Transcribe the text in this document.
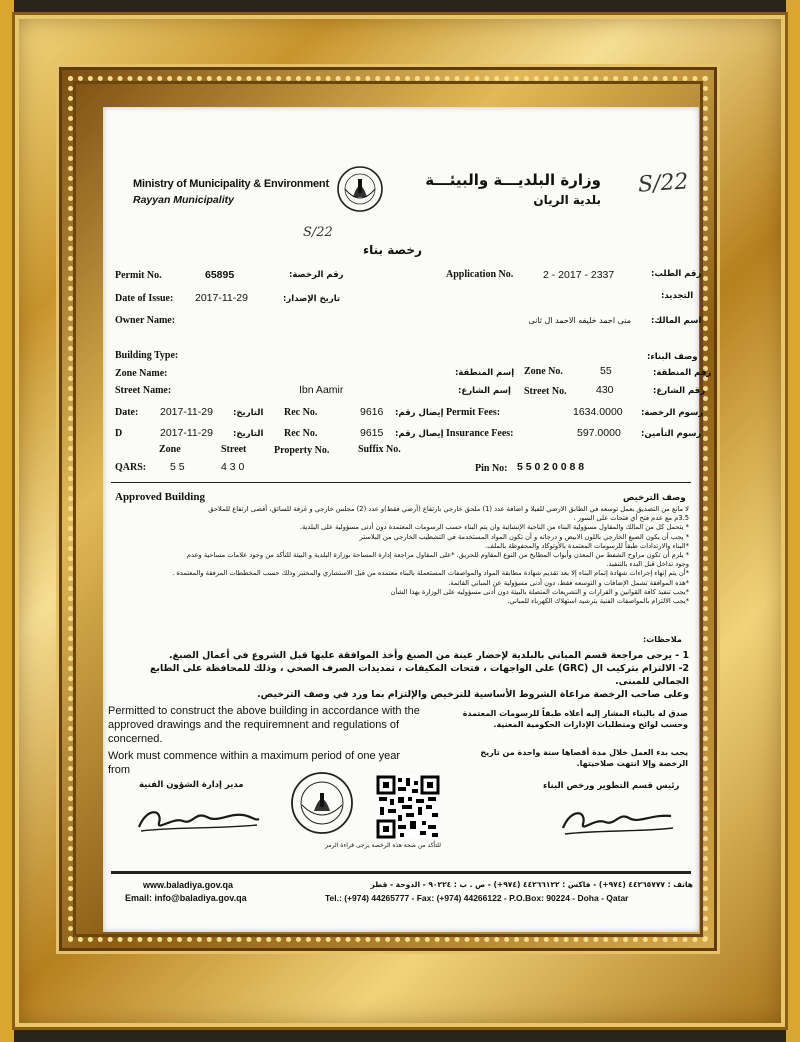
Ministry of Municipality & Environment
Rayyan Municipality
وزارة البلديـــة والبيئـــة
بلدية الريان
S/22
S/22
رخصة بناء
Permit No.	65895	رقم الرخصة:	Application No.	2 - 2017 - 2337	رقم الطلب:
التجديد:
Date of Issue: 2017-11-29	تاريخ الإصدار:
Owner Name:	منى احمد خليفه الاحمد ال ثانى اسم المالك:
Building Type:	وصف البناء:
Zone Name:	إسم المنطقة: Zone No.	55	رقم المنطقة:
Street Name:	Ibn Aamir	إسم الشارع: Street No.	430	رقم الشارع:
Date: 2017-11-29 التاريخ: Rec No.	9616 إيصال رقم: Permit Fees:	1634.0000 رسوم الرخصة:
D	2017-11-29 التاريخ: Rec No.	9615 إيصال رقم: Insurance Fees:	597.0000 رسوم التأمين:
Zone	Street	Property No.	Suffix No.
QARS: 5 5	4 3 0	Pin No: 5 5 0 2 0 0 8 8
Approved Building	وصف الترخيص
لا مانع من التصديق بعمل توسعه في الطابق الارضي للفيلا و اضافة عدد (1) ملحق خارجي بارتفاع (أرضي فقط)و عدد (2) مجلس خارجي و غرفة للسائق، أقصى ارتفاع للملاحق
3.5م مع عدم فتح أي فتحات على السور .
* يتحمل كل من المالك والمقاول مسؤولية البناء من الناحية الإنشائية وان يتم البناء حسب الرسومات المعتمدة دون أدنى مسؤولية على البلدية.
* يجب أن يكون الصبغ الخارجي باللون الابيض و درجاته و أن تكون المواد المستخدمة في التشطيب الخارجي من البلاستر
*البناء والارتدادات طبقاً للرسومات المعتمدة بالأوتوكاد والمحفوظة بالملف.
* يلزم أن تكون مراوح الشفط من المعدن وأبواب المطابخ من النوع المقاوم للحريق. *على المقاول مراجعة إدارة المساحة بوزارة البلدية و البيئة للتأكد من وجود علامات مساحية وعدم
وجود تداخل قبل البدء بالتنفيذ.
*أن يتم إنهاء إجراءات شهادة إتمام البناء إلا بعد تقديم شهادة مطابقة المواد والمواصفات المستعملة بالبناء معتمده من قبل الاستشاري والمختبر وذلك حسب المخططات المرفقة والمعتمدة .
*هذه الموافقة تشمل الإضافات و التوسعه فقط، دون أدنى مسؤولية عن المباني القائمة.
*يجب تنفيذ كافة القوانين و القرارات و التشريعات المتصلة بالبيئة دون أدنى مسؤوليه على الوزارة بهذا الشأن
*يجب الالتزام بالمواصفات الفنية بترشيد استهلاك الكهرباء للمباني.
ملاحظات:
1 - يرجى مراجعة قسم المباني بالبلدية لإحضار عينة من الصبغ وأخذ الموافقة عليها قبل الشروع في أعمال الصبغ.
2- الالتزام بتركيب ال (GRC) على الواجهات ، فتحات المكيفات ، تمديدات الصرف الصحي ، وذلك للمحافظة على الطابع الجمالي للمبنى.
وعلى صاحب الرخصة مراعاة الشروط الأساسية للترخيص والإلتزام بما ورد في وصف الترخيص.
Permitted to construct the above building in accordance with the
approved drawings and the requiremnent and regulations of
concerned.
صدق له بالبناء المشار إليه أعلاه طبقاً للرسومات المعتمدة
وحسب لوائح ومتطلبات الإدارات الحكومية المعنية.
Work must commence within a maximum period of one year
from
يجب بدء العمل خلال مدة أقصاها سنة واحدة من تاريخ
الرخصة وإلا انتهت صلاحيتها.
مدير إدارة الشؤون الفنية	رئيس قسم التطوير ورخص البناء
للتأكد من صحة هذه الرخصة يرجى قراءة الرمز
www.baladiya.gov.qa
Email: info@baladiya.gov.qa
هاتف : ٤٤٢٦٥٧٧٧ (٩٧٤+) - فاكس : ٤٤٢٦٦١٢٢ (٩٧٤+) - ص . ب : ٩٠٢٢٤ - الدوحة - قطر
Tel.: (+974) 44265777 - Fax: (+974) 44266122 - P.O.Box: 90224 - Doha - Qatar
